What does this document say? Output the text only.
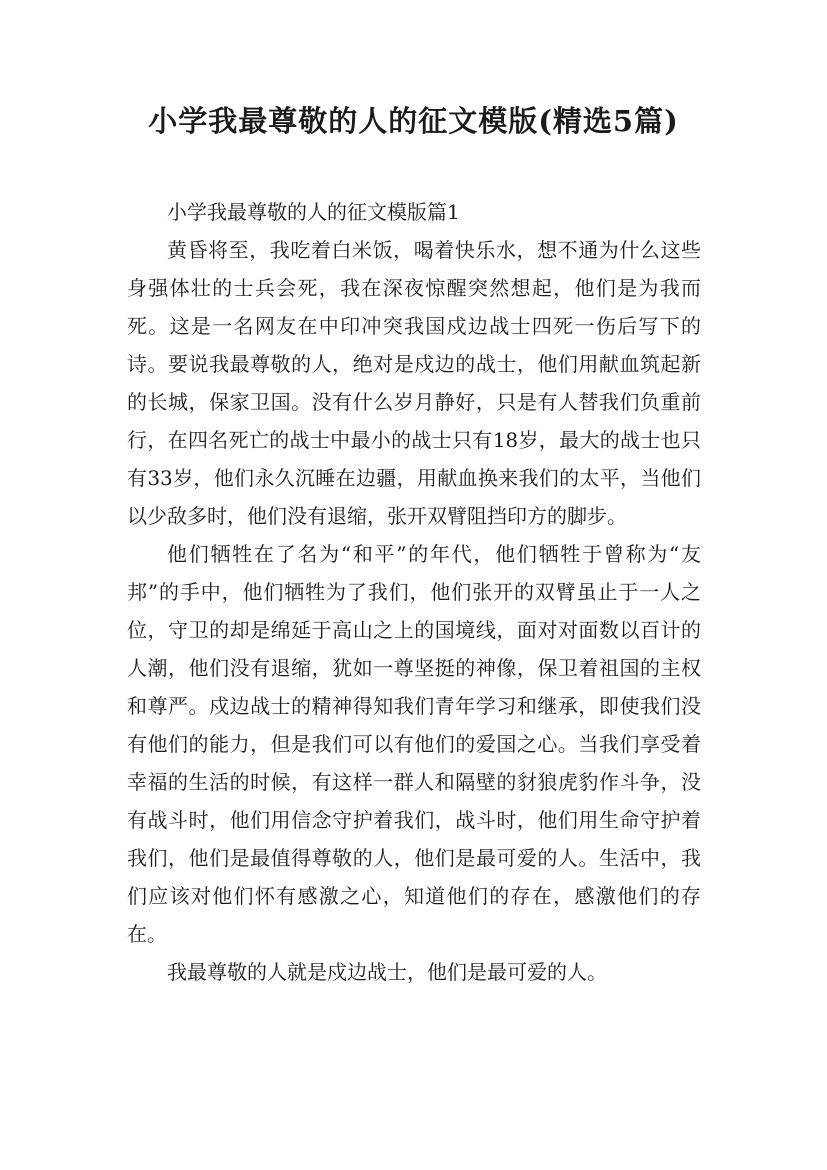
小学我最尊敬的人的征文模版(精选5篇)

小学我最尊敬的人的征文模版篇1

黄昏将至，我吃着白米饭，喝着快乐水，想不通为什么这些身强体壮的士兵会死，我在深夜惊醒突然想起，他们是为我而死。这是一名网友在中印冲突我国戍边战士四死一伤后写下的诗。要说我最尊敬的人，绝对是戍边的战士，他们用献血筑起新的长城，保家卫国。没有什么岁月静好，只是有人替我们负重前行，在四名死亡的战士中最小的战士只有18岁，最大的战士也只有33岁，他们永久沉睡在边疆，用献血换来我们的太平，当他们以少敌多时，他们没有退缩，张开双臂阻挡印方的脚步。

他们牺牲在了名为“和平”的年代，他们牺牲于曾称为“友邦”的手中，他们牺牲为了我们，他们张开的双臂虽止于一人之位，守卫的却是绵延于高山之上的国境线，面对对面数以百计的人潮，他们没有退缩，犹如一尊坚挺的神像，保卫着祖国的主权和尊严。戍边战士的精神得知我们青年学习和继承，即使我们没有他们的能力，但是我们可以有他们的爱国之心。当我们享受着幸福的生活的时候，有这样一群人和隔壁的豺狼虎豹作斗争，没有战斗时，他们用信念守护着我们，战斗时，他们用生命守护着我们，他们是最值得尊敬的人，他们是最可爱的人。生活中，我们应该对他们怀有感激之心，知道他们的存在，感激他们的存在。

我最尊敬的人就是戍边战士，他们是最可爱的人。
